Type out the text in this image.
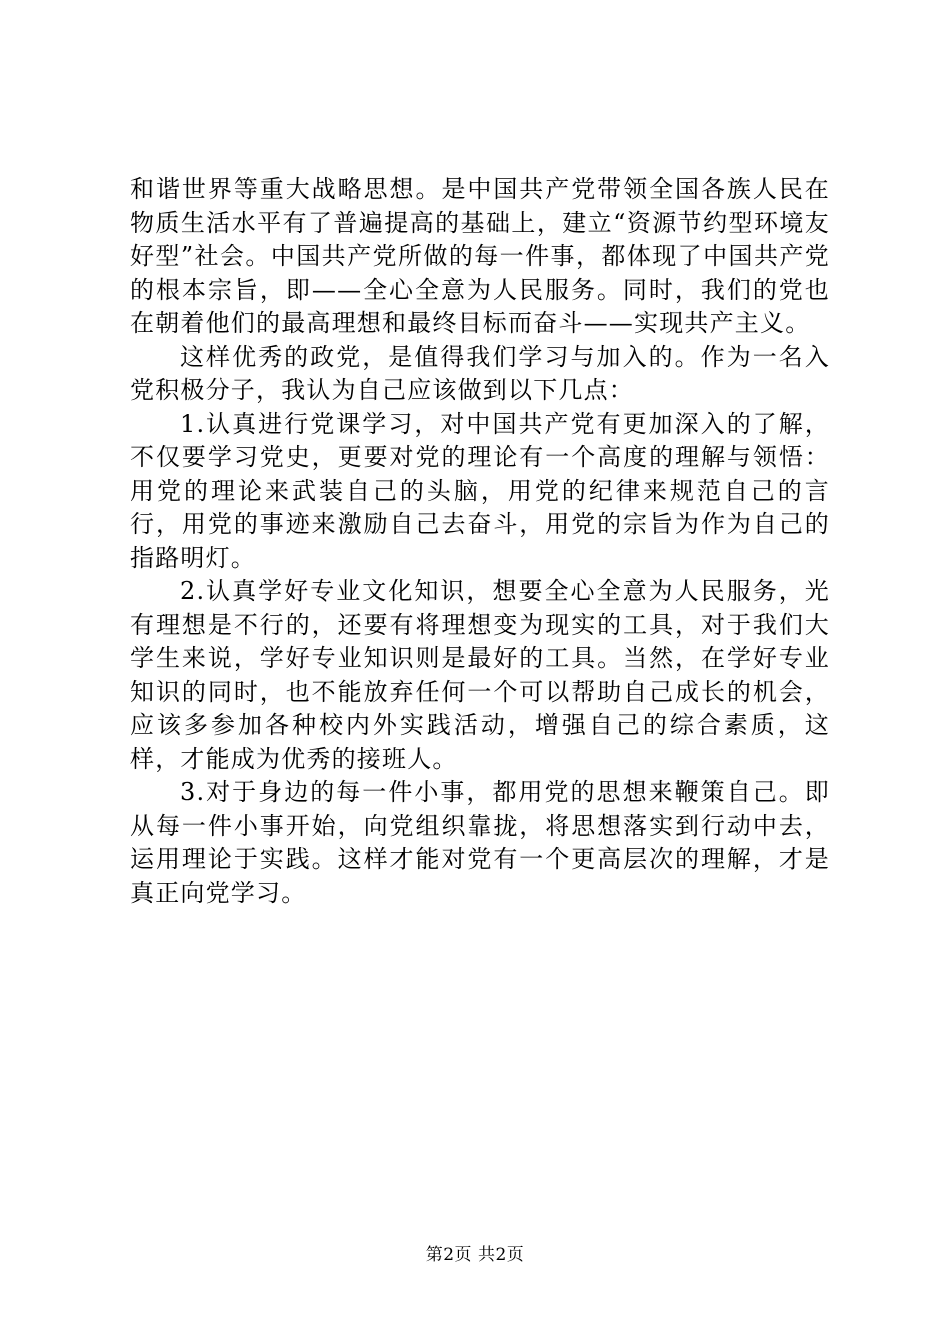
和谐世界等重大战略思想。是中国共产党带领全国各族人民在物质生活水平有了普遍提高的基础上，建立“资源节约型环境友好型”社会。中国共产党所做的每一件事，都体现了中国共产党的根本宗旨，即——全心全意为人民服务。同时，我们的党也在朝着他们的最高理想和最终目标而奋斗——实现共产主义。

这样优秀的政党，是值得我们学习与加入的。作为一名入党积极分子，我认为自己应该做到以下几点：

1.认真进行党课学习，对中国共产党有更加深入的了解，不仅要学习党史，更要对党的理论有一个高度的理解与领悟：用党的理论来武装自己的头脑，用党的纪律来规范自己的言行，用党的事迹来激励自己去奋斗，用党的宗旨为作为自己的指路明灯。

2.认真学好专业文化知识，想要全心全意为人民服务，光有理想是不行的，还要有将理想变为现实的工具，对于我们大学生来说，学好专业知识则是最好的工具。当然，在学好专业知识的同时，也不能放弃任何一个可以帮助自己成长的机会，应该多参加各种校内外实践活动，增强自己的综合素质，这样，才能成为优秀的接班人。

3.对于身边的每一件小事，都用党的思想来鞭策自己。即从每一件小事开始，向党组织靠拢，将思想落实到行动中去，运用理论于实践。这样才能对党有一个更高层次的理解，才是真正向党学习。

第2页 共2页
